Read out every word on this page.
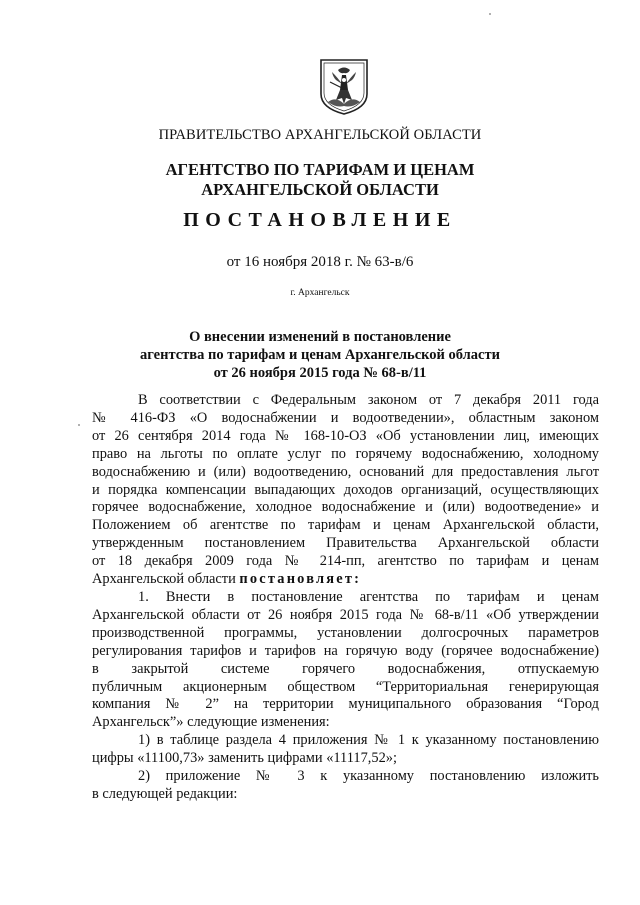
ПРАВИТЕЛЬСТВО АРХАНГЕЛЬСКОЙ ОБЛАСТИ
АГЕНТСТВО ПО ТАРИФАМ И ЦЕНАМ
АРХАНГЕЛЬСКОЙ ОБЛАСТИ
ПОСТАНОВЛЕНИЕ
от 16 ноября 2018 г. № 63-в/6
г. Архангельск
О внесении изменений в постановление
агентства по тарифам и ценам Архангельской области
от 26 ноября 2015 года № 68-в/11
В соответствии с Федеральным законом от 7 декабря 2011 года
№ 416-ФЗ «О водоснабжении и водоотведении», областным законом
от 26 сентября 2014 года № 168-10-ОЗ «Об установлении лиц, имеющих
право на льготы по оплате услуг по горячему водоснабжению, холодному
водоснабжению и (или) водоотведению, оснований для предоставления льгот
и порядка компенсации выпадающих доходов организаций, осуществляющих
горячее водоснабжение, холодное водоснабжение и (или) водоотведение» и
Положением об агентстве по тарифам и ценам Архангельской области,
утвержденным постановлением Правительства Архангельской области
от 18 декабря 2009 года № 214-пп, агентство по тарифам и ценам
Архангельской области постановляет:
1. Внести в постановление агентства по тарифам и ценам
Архангельской области от 26 ноября 2015 года № 68-в/11 «Об утверждении
производственной программы, установлении долгосрочных параметров
регулирования тарифов и тарифов на горячую воду (горячее водоснабжение)
в закрытой системе горячего водоснабжения, отпускаемую
публичным акционерным обществом “Территориальная генерирующая
компания № 2” на территории муниципального образования “Город
Архангельск”» следующие изменения:
1) в таблице раздела 4 приложения № 1 к указанному постановлению
цифры «11100,73» заменить цифрами «11117,52»;
2) приложение № 3 к указанному постановлению изложить
в следующей редакции:
